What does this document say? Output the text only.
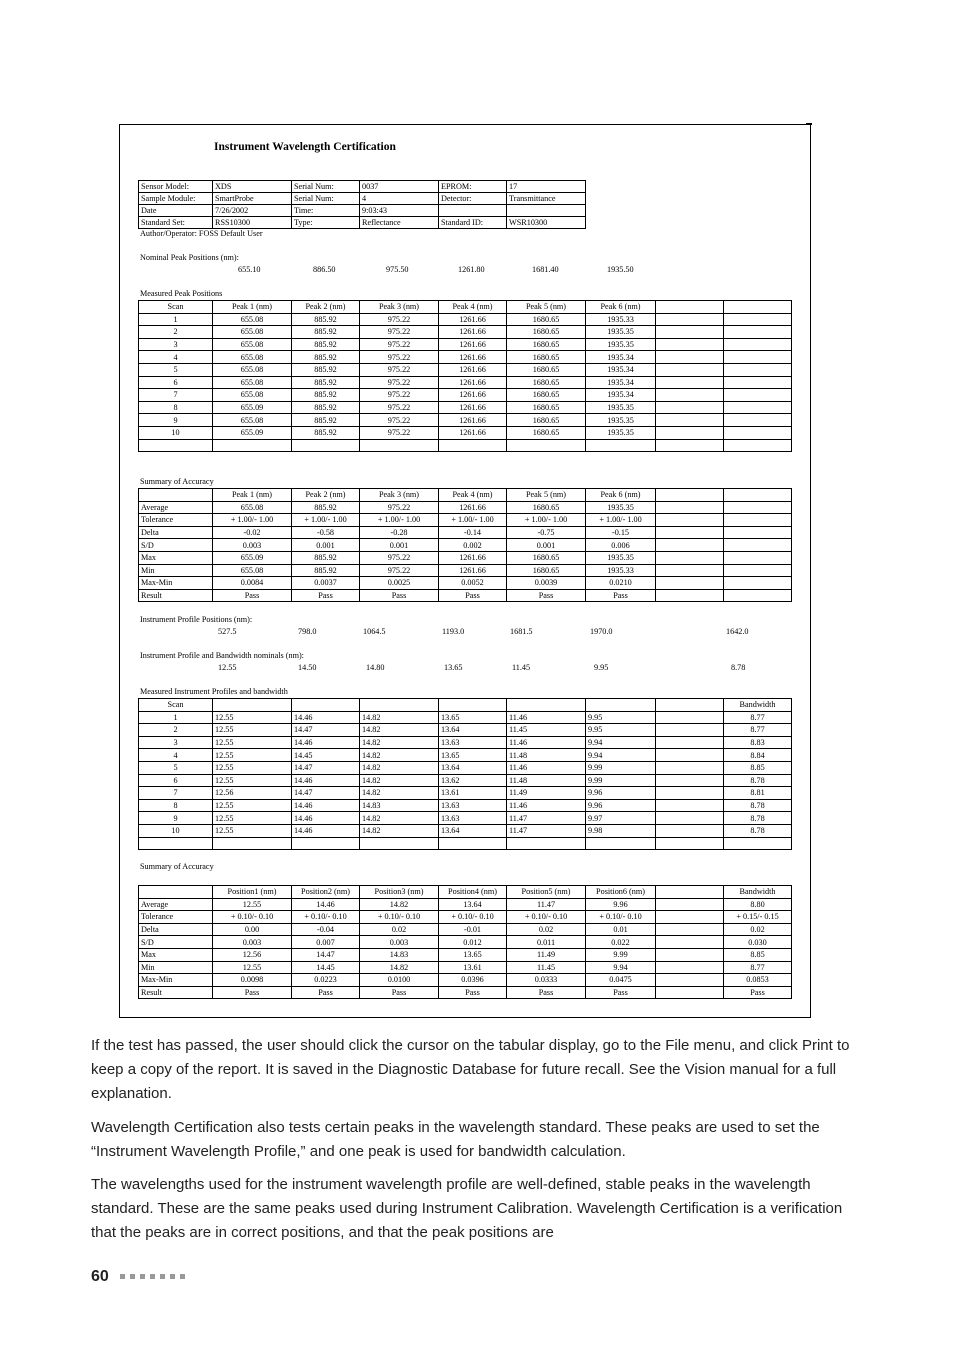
Instrument Wavelength Certification
Sensor Model:	XDS	Serial Num:	0037	EPROM:	17
Sample Module:	SmartProbe	Serial Num:	4	Detector:	Transmittance
Date	7/26/2002	Time:	9:03:43		
Standard Set:	RSS10300	Type:	Reflectance	Standard ID:	WSR10300
Author/Operator: FOSS Default User
Nominal Peak Positions (nm):
655.10	886.50	975.50	1261.80	1681.40	1935.50
Measured Peak Positions
Scan	Peak 1 (nm)	Peak 2 (nm)	Peak 3 (nm)	Peak 4 (nm)	Peak 5 (nm)	Peak 6 (nm)		
1	655.08	885.92	975.22	1261.66	1680.65	1935.33		
2	655.08	885.92	975.22	1261.66	1680.65	1935.35		
3	655.08	885.92	975.22	1261.66	1680.65	1935.35		
4	655.08	885.92	975.22	1261.66	1680.65	1935.34		
5	655.08	885.92	975.22	1261.66	1680.65	1935.34		
6	655.08	885.92	975.22	1261.66	1680.65	1935.34		
7	655.08	885.92	975.22	1261.66	1680.65	1935.34		
8	655.09	885.92	975.22	1261.66	1680.65	1935.35		
9	655.08	885.92	975.22	1261.66	1680.65	1935.35		
10	655.09	885.92	975.22	1261.66	1680.65	1935.35		

Summary of Accuracy
	Peak 1 (nm)	Peak 2 (nm)	Peak 3 (nm)	Peak 4 (nm)	Peak 5 (nm)	Peak 6 (nm)		
Average	655.08	885.92	975.22	1261.66	1680.65	1935.35		
Tolerance	+ 1.00/- 1.00	+ 1.00/- 1.00	+ 1.00/- 1.00	+ 1.00/- 1.00	+ 1.00/- 1.00	+ 1.00/- 1.00		
Delta	-0.02	-0.58	-0.28	-0.14	-0.75	-0.15		
S/D	0.003	0.001	0.001	0.002	0.001	0.006		
Max	655.09	885.92	975.22	1261.66	1680.65	1935.35		
Min	655.08	885.92	975.22	1261.66	1680.65	1935.33		
Max-Min	0.0084	0.0037	0.0025	0.0052	0.0039	0.0210		
Result	Pass	Pass	Pass	Pass	Pass	Pass		
Instrument Profile Positions (nm):
527.5	798.0	1064.5	1193.0	1681.5	1970.0	1642.0
Instrument Profile and Bandwidth nominals (nm):
12.55	14.50	14.80	13.65	11.45	9.95	8.78
Measured Instrument Profiles and bandwidth
Scan								Bandwidth
1	12.55	14.46	14.82	13.65	11.46	9.95		8.77
2	12.55	14.47	14.82	13.64	11.45	9.95		8.77
3	12.55	14.46	14.82	13.63	11.46	9.94		8.83
4	12.55	14.45	14.82	13.65	11.48	9.94		8.84
5	12.55	14.47	14.82	13.64	11.46	9.99		8.85
6	12.55	14.46	14.82	13.62	11.48	9.99		8.78
7	12.56	14.47	14.82	13.61	11.49	9.96		8.81
8	12.55	14.46	14.83	13.63	11.46	9.96		8.78
9	12.55	14.46	14.82	13.63	11.47	9.97		8.78
10	12.55	14.46	14.82	13.64	11.47	9.98		8.78

Summary of Accuracy
	Position1 (nm)	Position2 (nm)	Position3 (nm)	Position4 (nm)	Position5 (nm)	Position6 (nm)		Bandwidth
Average	12.55	14.46	14.82	13.64	11.47	9.96		8.80
Tolerance	+ 0.10/- 0.10	+ 0.10/- 0.10	+ 0.10/- 0.10	+ 0.10/- 0.10	+ 0.10/- 0.10	+ 0.10/- 0.10		+ 0.15/- 0.15
Delta	0.00	-0.04	0.02	-0.01	0.02	0.01		0.02
S/D	0.003	0.007	0.003	0.012	0.011	0.022		0.030
Max	12.56	14.47	14.83	13.65	11.49	9.99		8.85
Min	12.55	14.45	14.82	13.61	11.45	9.94		8.77
Max-Min	0.0098	0.0223	0.0100	0.0396	0.0333	0.0475		0.0853
Result	Pass	Pass	Pass	Pass	Pass	Pass		Pass
If the test has passed, the user should click the cursor on the tabular display, go to the File menu, and click Print to keep a copy of the report. It is saved in the Diagnostic Database for future recall. See the Vision manual for a full explanation.
Wavelength Certification also tests certain peaks in the wavelength standard. These peaks are used to set the “Instrument Wavelength Profile,” and one peak is used for bandwidth calculation.
The wavelengths used for the instrument wavelength profile are well-defined, stable peaks in the wavelength standard. These are the same peaks used during Instrument Calibration. Wavelength Certification is a verification that the peaks are in correct positions, and that the peak positions are
60
